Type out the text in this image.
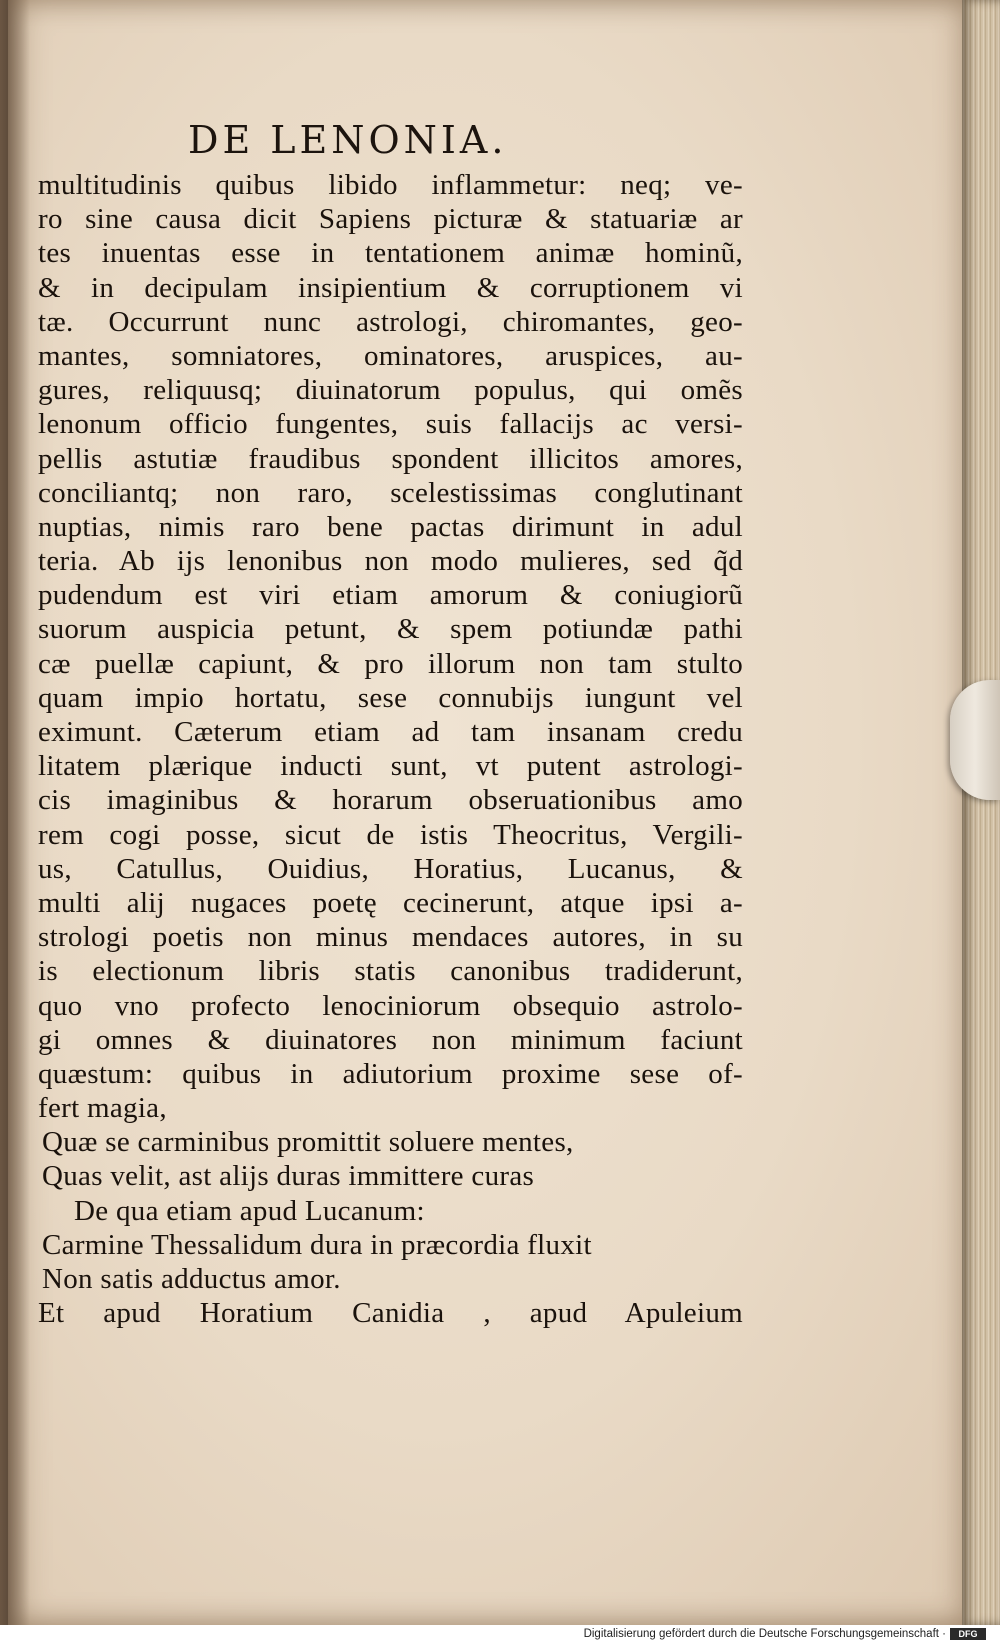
DE LENONIA.
multitudinis quibus libido inflammetur: neq; ve-
ro sine causa dicit Sapiens picturæ & statuariæ ar
tes inuentas esse in tentationem animæ hominũ,
& in decipulam insipientium & corruptionem vi
tæ. Occurrunt nunc astrologi, chiromantes, geo-
mantes, somniatores, ominatores, aruspices, au-
gures, reliquusq; diuinatorum populus, qui omẽs
lenonum officio fungentes, suis fallacijs ac versi-
pellis astutiæ fraudibus spondent illicitos amores,
conciliantq; non raro, scelestissimas conglutinant
nuptias, nimis raro bene pactas dirimunt in adul
teria. Ab ijs lenonibus non modo mulieres, sed q̃d
pudendum est viri etiam amorum & coniugiorũ
suorum auspicia petunt, & spem potiundæ pathi
cæ puellæ capiunt, & pro illorum non tam stulto
quam impio hortatu, sese connubijs iungunt vel
eximunt. Cæterum etiam ad tam insanam credu
litatem plærique inducti sunt, vt putent astrologi-
cis imaginibus & horarum obseruationibus amo
rem cogi posse, sicut de istis Theocritus, Vergili-
us, Catullus, Ouidius, Horatius, Lucanus, &
multi alij nugaces poetę cecinerunt, atque ipsi a-
strologi poetis non minus mendaces autores, in su
is electionum libris statis canonibus tradiderunt,
quo vno profecto lenociniorum obsequio astrolo-
gi omnes & diuinatores non minimum faciunt
quæstum: quibus in adiutorium proxime sese of-
fert magia,
Quæ se carminibus promittit soluere mentes,
Quas velit, ast alijs duras immittere curas
De qua etiam apud Lucanum:
Carmine Thessalidum dura in præcordia fluxit
Non satis adductus amor.
Et apud Horatium Canidia , apud Apuleium
Digitalisierung gefördert durch die Deutsche Forschungsgemeinschaft ·	DFG
